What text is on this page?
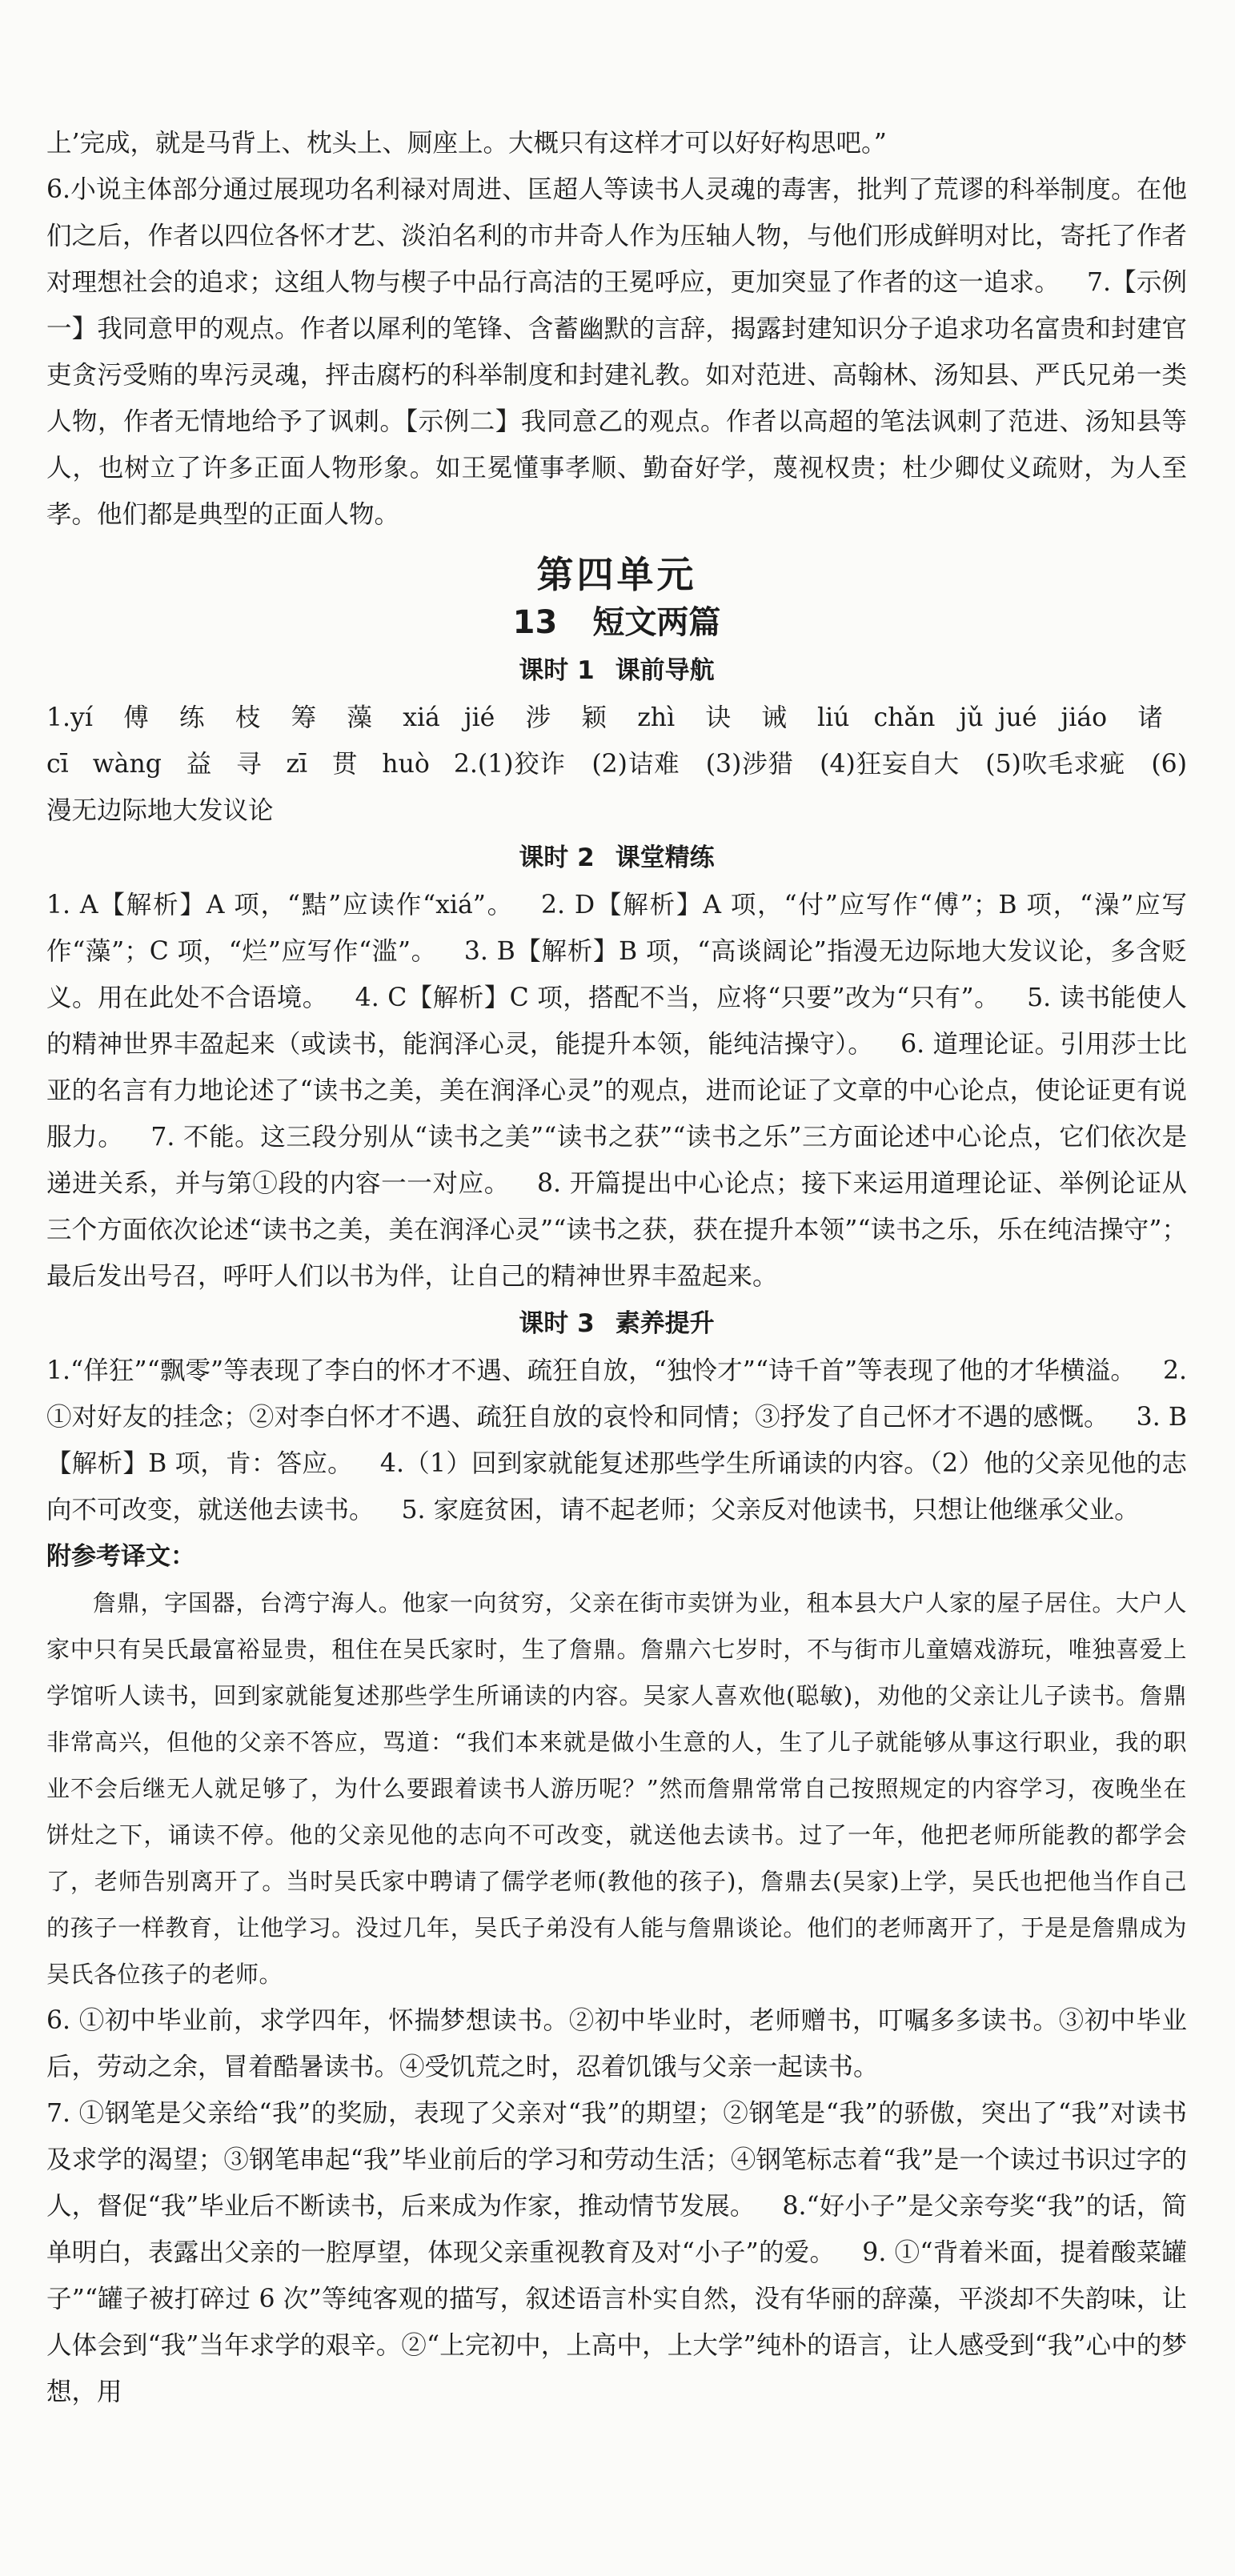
上’完成，就是马背上、枕头上、厕座上。大概只有这样才可以好好构思吧。”

6.小说主体部分通过展现功名利禄对周进、匡超人等读书人灵魂的毒害，批判了荒谬的科举制度。在他们之后，作者以四位各怀才艺、淡泊名利的市井奇人作为压轴人物，与他们形成鲜明对比，寄托了作者对理想社会的追求；这组人物与楔子中品行高洁的王冕呼应，更加突显了作者的这一追求。 7.【示例一】我同意甲的观点。作者以犀利的笔锋、含蓄幽默的言辞，揭露封建知识分子追求功名富贵和封建官吏贪污受贿的卑污灵魂，抨击腐朽的科举制度和封建礼教。如对范进、高翰林、汤知县、严氏兄弟一类人物，作者无情地给予了讽刺。【示例二】我同意乙的观点。作者以高超的笔法讽刺了范进、汤知县等人，也树立了许多正面人物形象。如王冕懂事孝顺、勤奋好学，蔑视权贵；杜少卿仗义疏财，为人至孝。他们都是典型的正面人物。

第四单元
13 短文两篇
课时 1 课前导航

1.yí 傅 练 枝 筹 藻 xiá jié 涉 颖 zhì 诀 诫 liú chǎn jǔ jué jiáo 诸cī wàng 益 寻 zī 贯 huò 2.(1)狡诈　(2)诘难　(3)涉猎　(4)狂妄自大　(5)吹毛求疵　(6)漫无边际地大发议论

课时 2 课堂精练

1. A【解析】A 项，“黠”应读作“xiá”。 2. D【解析】A 项，“付”应写作“傅”；B 项，“澡”应写作“藻”；C 项，“烂”应写作“滥”。 3. B【解析】B 项，“高谈阔论”指漫无边际地大发议论，多含贬义。用在此处不合语境。 4. C【解析】C 项，搭配不当，应将“只要”改为“只有”。 5. 读书能使人的精神世界丰盈起来（或读书，能润泽心灵，能提升本领，能纯洁操守）。 6. 道理论证。引用莎士比亚的名言有力地论述了“读书之美，美在润泽心灵”的观点，进而论证了文章的中心论点，使论证更有说服力。 7. 不能。这三段分别从“读书之美”“读书之获”“读书之乐”三方面论述中心论点，它们依次是递进关系，并与第①段的内容一一对应。 8. 开篇提出中心论点；接下来运用道理论证、举例论证从三个方面依次论述“读书之美，美在润泽心灵”“读书之获，获在提升本领”“读书之乐，乐在纯洁操守”；最后发出号召，呼吁人们以书为伴，让自己的精神世界丰盈起来。

课时 3 素养提升

1.“佯狂”“飘零”等表现了李白的怀才不遇、疏狂自放，“独怜才”“诗千首”等表现了他的才华横溢。 2. ①对好友的挂念；②对李白怀才不遇、疏狂自放的哀怜和同情；③抒发了自己怀才不遇的感慨。 3. B【解析】B 项，肯：答应。 4.（1）回到家就能复述那些学生所诵读的内容。（2）他的父亲见他的志向不可改变，就送他去读书。 5. 家庭贫困，请不起老师；父亲反对他读书，只想让他继承父业。

附参考译文：

詹鼎，字国器，台湾宁海人。他家一向贫穷，父亲在街市卖饼为业，租本县大户人家的屋子居住。大户人家中只有吴氏最富裕显贵，租住在吴氏家时，生了詹鼎。詹鼎六七岁时，不与街市儿童嬉戏游玩，唯独喜爱上学馆听人读书，回到家就能复述那些学生所诵读的内容。吴家人喜欢他(聪敏)，劝他的父亲让儿子读书。詹鼎非常高兴，但他的父亲不答应，骂道：“我们本来就是做小生意的人，生了儿子就能够从事这行职业，我的职业不会后继无人就足够了，为什么要跟着读书人游历呢？”然而詹鼎常常自己按照规定的内容学习，夜晚坐在饼灶之下，诵读不停。他的父亲见他的志向不可改变，就送他去读书。过了一年，他把老师所能教的都学会了，老师告别离开了。当时吴氏家中聘请了儒学老师(教他的孩子)，詹鼎去(吴家)上学，吴氏也把他当作自己的孩子一样教育，让他学习。没过几年，吴氏子弟没有人能与詹鼎谈论。他们的老师离开了，于是是詹鼎成为吴氏各位孩子的老师。

6. ①初中毕业前，求学四年，怀揣梦想读书。②初中毕业时，老师赠书，叮嘱多多读书。③初中毕业后，劳动之余，冒着酷暑读书。④受饥荒之时，忍着饥饿与父亲一起读书。

7. ①钢笔是父亲给“我”的奖励，表现了父亲对“我”的期望；②钢笔是“我”的骄傲，突出了“我”对读书及求学的渴望；③钢笔串起“我”毕业前后的学习和劳动生活；④钢笔标志着“我”是一个读过书识过字的人，督促“我”毕业后不断读书，后来成为作家，推动情节发展。 8.“好小子”是父亲夸奖“我”的话，简单明白，表露出父亲的一腔厚望，体现父亲重视教育及对“小子”的爱。 9. ①“背着米面，提着酸菜罐子”“罐子被打碎过 6 次”等纯客观的描写，叙述语言朴实自然，没有华丽的辞藻，平淡却不失韵味，让人体会到“我”当年求学的艰辛。②“上完初中，上高中，上大学”纯朴的语言，让人感受到“我”心中的梦想，用
